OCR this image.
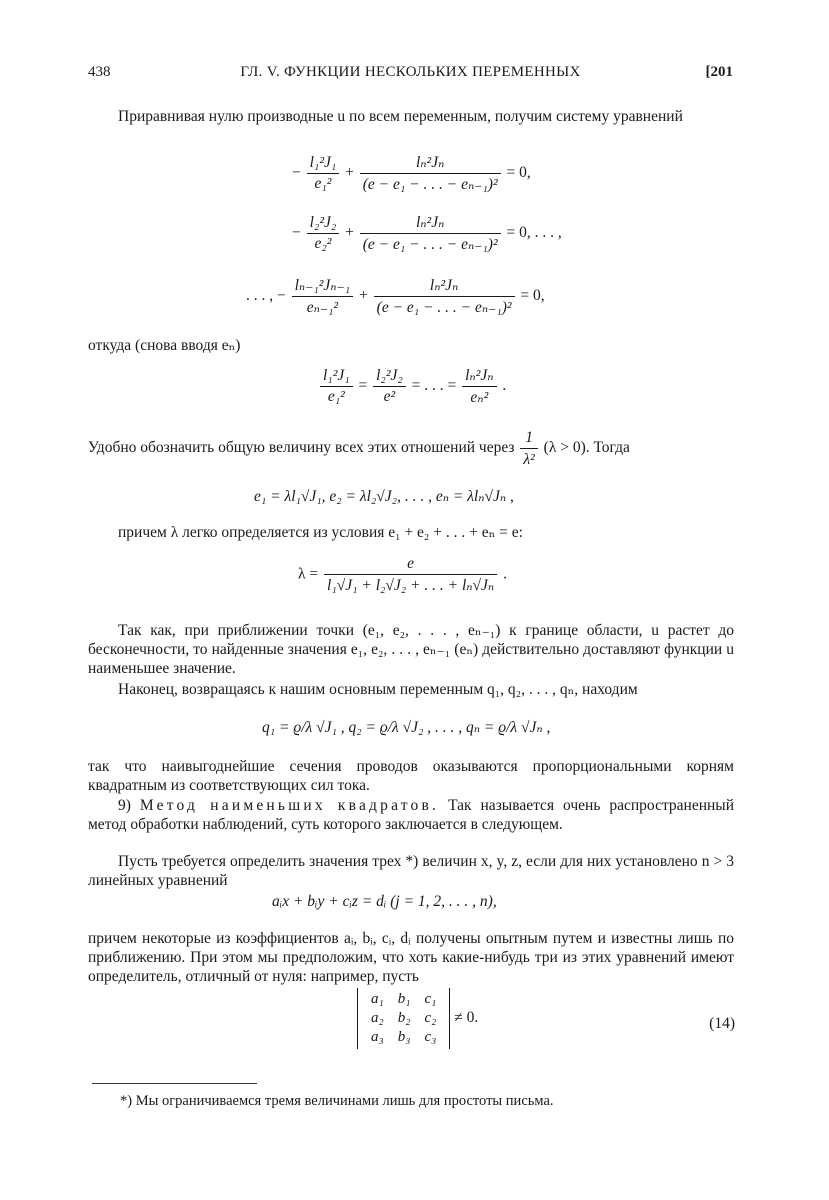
438	ГЛ. V. ФУНКЦИИ НЕСКОЛЬКИХ ПЕРЕМЕННЫХ	[201
Приравнивая нулю производные u по всем переменным, получим систему уравнений
− $\frac{\text{l₁²J₁}}{\text{e₁²}} + \frac{\text{lₙ²Jₙ}}{\text{(e − e₁ − . . . − eₙ₋₁)²}} = 0$,
− $\frac{\text{l₂²J₂}}{\text{e₂²}} + \frac{\text{lₙ²Jₙ}}{\text{(e − e₁ − . . . − eₙ₋₁)²}} = 0$, . . . ,
. . . , − $\frac{\text{lₙ₋₁²Jₙ₋₁}}{\text{eₙ₋₁²}} + \frac{\text{lₙ²Jₙ}}{\text{(e − e₁ − . . . − eₙ₋₁)²}} = 0$,
откуда (снова вводя eₙ)
$\frac{\text{l₁²J₁}}{\text{e₁²}} = \frac{\text{l₂²J₂}}{\text{e²}}$ = . . . = $\frac{\text{lₙ²Jₙ}}{\text{eₙ²}}$ .
Удобно обозначить общую величину всех этих отношений через $\frac{1}{\text{λ²}} (\lambda > 0)$. Тогда
e₁ = λl₁√J₁, e₂ = λl₂√J₂, . . . , eₙ = λlₙ√Jₙ ,
причем λ легко определяется из условия e₁ + e₂ + . . . + eₙ = e:
$\lambda = \frac{e}{\text{l₁√J₁ + l₂√J₂ + . . . + lₙ√Jₙ}}$ .
Так как, при приближении точки (e₁, e₂, . . . , eₙ₋₁) к границе области, u растет до бесконечности, то найденные значения e₁, e₂, . . . , eₙ₋₁ (eₙ) действительно доставляют функции u наименьшее значение.
Наконец, возвращаясь к нашим основным переменным q₁, q₂, . . . , qₙ, находим
q₁ = ϱ/λ √J₁ , q₂ = ϱ/λ √J₂ , . . . , qₙ = ϱ/λ √Jₙ ,
так что наивыгоднейшие сечения проводов оказываются пропорциональными корням квадратным из соответствующих сил тока.
9) Метод наименьших квадратов. Так называется очень распространенный метод обработки наблюдений, суть которого заключается в следующем.
Пусть требуется определить значения трех *) величин x, y, z, если для них установлено n > 3 линейных уравнений
aᵢx + bᵢy + cᵢz = dᵢ (j = 1, 2, . . . , n),
причем некоторые из коэффициентов aᵢ, bᵢ, cᵢ, dᵢ получены опытным путем и известны лишь по приближению. При этом мы предположим, что хоть какие-нибудь три из этих уравнений имеют определитель, отличный от нуля: например, пусть
a₁	b₁	c₁
a₂	b₂	c₂
a₃	b₃	c₃
≠ 0.	(14)
*) Мы ограничиваемся тремя величинами лишь для простоты письма.
